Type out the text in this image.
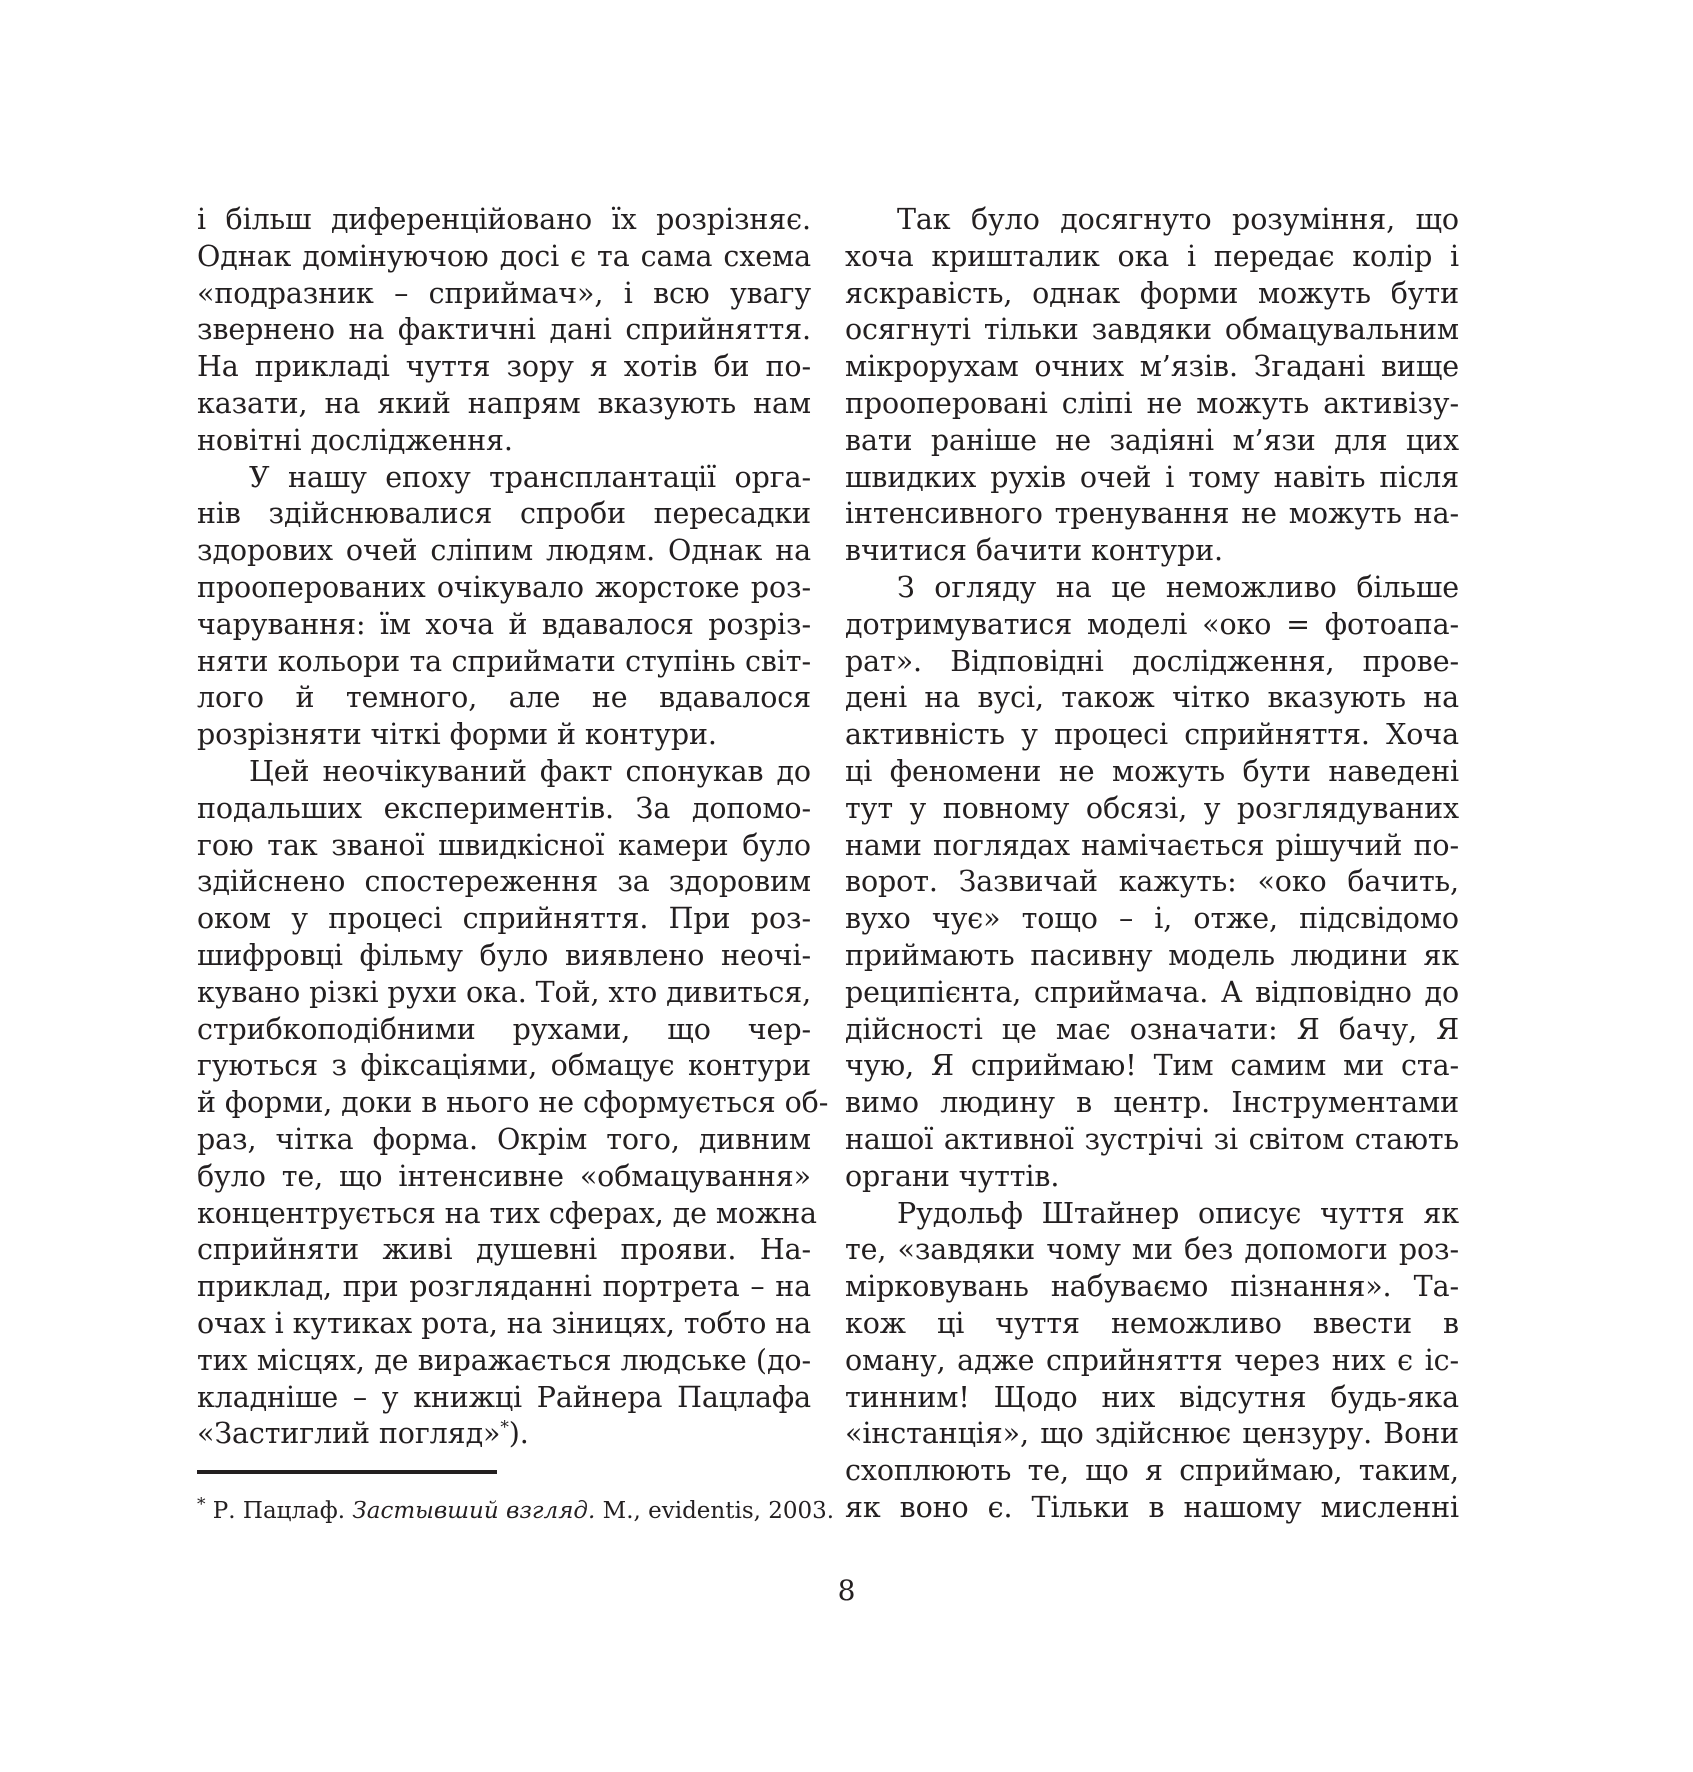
і більш диференційовано їх розрізняє.
Однак домінуючою досі є та сама схема
«подразник – сприймач», і всю увагу
звернено на фактичні дані сприйняття.
На прикладі чуття зору я хотів би по-
казати, на який напрям вказують нам
новітні дослідження.
У нашу епоху трансплантації орга-
нів здійснювалися спроби пересадки
здорових очей сліпим людям. Однак на
прооперованих очікувало жорстоке роз-
чарування: їм хоча й вдавалося розріз-
няти кольори та сприймати ступінь світ-
лого й темного, але не вдавалося
розрізняти чіткі форми й контури.
Цей неочікуваний факт спонукав до
подальших експериментів. За допомо-
гою так званої швидкісної камери було
здійснено спостереження за здоровим
оком у процесі сприйняття. При роз-
шифровці фільму було виявлено неочі-
кувано різкі рухи ока. Той, хто дивиться,
стрибкоподібними рухами, що чер-
гуються з фіксаціями, обмацує контури
й форми, доки в нього не сформується об-
раз, чітка форма. Окрім того, дивним
було те, що інтенсивне «обмацування»
концентрується на тих сферах, де можна
сприйняти живі душевні прояви. На-
приклад, при розгляданні портрета – на
очах і кутиках рота, на зіницях, тобто на
тих місцях, де виражається людське (до-
кладніше – у книжці Райнера Пацлафа
«Застиглий погляд»*).
Так було досягнуто розуміння, що
хоча кришталик ока і передає колір і
яскравість, однак форми можуть бути
осягнуті тільки завдяки обмацувальним
мікрорухам очних м’язів. Згадані вище
прооперовані сліпі не можуть активізу-
вати раніше не задіяні м’язи для цих
швидких рухів очей і тому навіть після
інтенсивного тренування не можуть на-
вчитися бачити контури.
З огляду на це неможливо більше
дотримуватися моделі «око = фотоапа-
рат». Відповідні дослідження, прове-
дені на вусі, також чітко вказують на
активність у процесі сприйняття. Хоча
ці феномени не можуть бути наведені
тут у повному обсязі, у розглядуваних
нами поглядах намічається рішучий по-
ворот. Зазвичай кажуть: «око бачить,
вухо чує» тощо – і, отже, підсвідомо
приймають пасивну модель людини як
реципієнта, сприймача. А відповідно до
дійсності це має означати: Я бачу, Я
чую, Я сприймаю! Тим самим ми ста-
вимо людину в центр. Інструментами
нашої активної зустрічі зі світом стають
органи чуттів.
Рудольф Штайнер описує чуття як
те, «завдяки чому ми без допомоги роз-
мірковувань набуваємо пізнання». Та-
кож ці чуття неможливо ввести в
оману, адже сприйняття через них є іс-
тинним! Щодо них відсутня будь-яка
«інстанція», що здійснює цензуру. Вони
схоплюють те, що я сприймаю, таким,
як воно є. Тільки в нашому мисленні
* Р. Пацлаф. Застывший взгляд. М., evidentis, 2003.
8
